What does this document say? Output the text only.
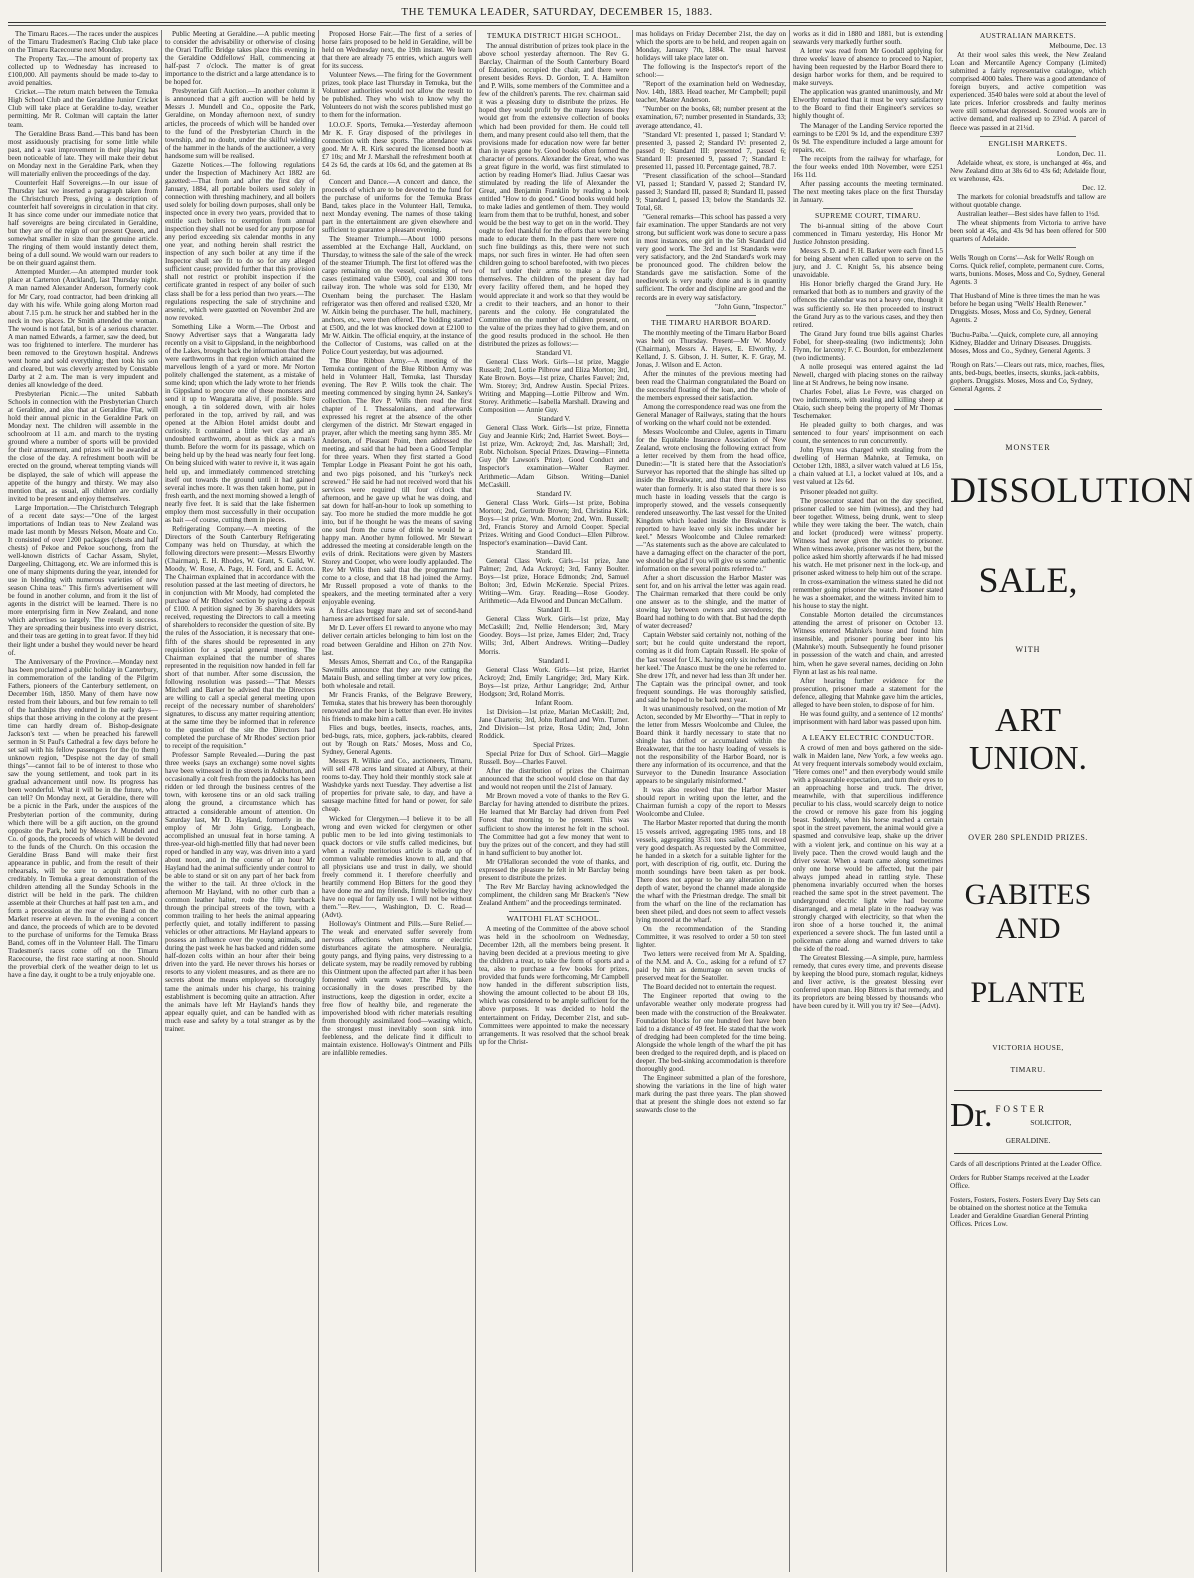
THE TEMUKA LEADER, SATURDAY, DECEMBER 15, 1883.

The Timaru Races.—The races under the auspices of the Timaru Tradesmen's Racing Club take place on the Timaru Racecourse next Monday.

The Property Tax.—The amount of property tax collected up to Wednesday has increased to £100,000. All payments should be made to-day to avoid penalties.

Cricket.—The return match between the Temuka High School Club and the Geraldine Junior Cricket Club will take place at Geraldine to-day, weather permitting. Mr R. Coltman will captain the latter team.

The Geraldine Brass Band.—This band has been most assiduously practising for some little while past, and a vast improvement in their playing has been noticeable of late. They will make their debut on Monday next in the Geraldine Park, when they will materially enliven the proceedings of the day.

Counterfeit Half Sovereigns.—In our issue of Thursday last we inserted a paragraph taken from the Christchurch Press, giving a description of counterfeit half sovereigns in circulation in that city. It has since come under our immediate notice that half sovereigns are being circulated in Geraldine, but they are of the reign of our present Queen, and somewhat smaller in size than the genuine article. The ringing of them would instantly detect them, being of a dull sound. We would warn our readers to be on their guard against them.

Attempted Murder.—An attempted murder took place at Carterton (Auckland), last Thursday night. A man named Alexander Anderson, formerly cook for Mr Cary, road contractor, had been drinking all day with his wife. While going along Morton road about 7.15 p.m. he struck her and stabbed her in the neck in two places. Dr Smith attended the woman. The wound is not fatal, but is of a serious character. A man named Edwards, a farmer, saw the deed, but was too frightened to interfere. The murderer has been removed to the Greytown hospital. Andrews went home and sold everything; then took his son and cleared, but was cleverly arrested by Constable Darby at 2 a.m. The man is very impudent and denies all knowledge of the deed.

Presbyterian Picnic.—The united Sabbath Schools in connection with the Presbyterian Church at Geraldine, and also that at Geraldine Flat, will hold their annual picnic in the Geraldine Park on Monday next. The children will assemble in the schoolroom at 11 a.m. and march to the trysting ground where a number of sports will be provided for their amusement, and prizes will be awarded at the close of the day. A refreshment booth will be erected on the ground, whereat tempting viands will be displayed, the sale of which will appease the appetite of the hungry and thirsty. We may also mention that, as usual, all children are cordially invited to be present and enjoy themselves.

Large Importation.—The Christchurch Telegraph of a recent date says:—"One of the largest importations of Indian teas to New Zealand was made last month by Messrs Nelson, Moate and Co. It consisted of over 1200 packages (chests and half chests) of Pekoe and Pekoe souchong, from the well-known districts of Cachar Assam, Shylet, Dargeeling, Chittagong, etc. We are informed this is one of many shipments during the year, intended for use in blending with numerous varieties of new season China teas." This firm's advertisement will be found in another column, and from it the list of agents in the district will be learned. There is no more enterprising firm in New Zealand, and none which advertises so largely. The result is success. They are spreading their business into every district, and their teas are getting in to great favor. If they hid their light under a bushel they would never be heard of.

The Anniversary of the Province.—Monday next has been proclaimed a public holiday in Canterbury, in commemoration of the landing of the Pilgrim Fathers, pioneers of the Canterbury settlement, on December 16th, 1850. Many of them have now rested from their labours, and but few remain to tell of the hardships they endured in the early days—ships that those arriving in the colony at the present time can hardly dream of. Bishop-designate Jackson's text — when he preached his farewell sermon in St Paul's Cathedral a few days before he set sail with his fellow passengers for the (to them) unknown region, "Despise not the day of small things"—cannot fail to be of interest to those who saw the young settlement, and took part in its gradual advancement until now. Its progress has been wonderful. What it will be in the future, who can tell? On Monday next, at Geraldine, there will be a picnic in the Park, under the auspices of the Presbyterian portion of the community, during which there will be a gift auction, on the ground opposite the Park, held by Messrs J. Mundell and Co. of goods, the proceeds of which will be devoted to the funds of the Church. On this occasion the Geraldine Brass Band will make their first appearance in public, and from the result of their rehearsals, will be sure to acquit themselves creditably. In Temuka a great demonstration of the children attending all the Sunday Schools in the district will be held in the park. The children assemble at their Churches at half past ten a.m., and form a procession at the rear of the Band on the Market reserve at eleven. In the evening a concert and dance, the proceeds of which are to be devoted to the purchase of uniforms for the Temuka Brass Band, comes off in the Volunteer Hall. The Timaru Tradesmen's races come off on the Timaru Racecourse, the first race starting at noon. Should the proverbial clerk of the weather deign to let us have a fine day, it ought to be a truly enjoyable one.

Public Meeting at Geraldine.—A public meeting to consider the advisability or otherwise of closing the Orari Traffic Bridge takes place this evening in the Geraldine Oddfellows' Hall, commencing at half-past 7 o'clock. The matter is of great importance to the district and a large attendance is to be hoped for.

Presbyterian Gift Auction.—In another column it is announced that a gift auction will be held by Messrs J. Mundell and Co., opposite the Park, Geraldine, on Monday afternoon next, of sundry articles, the proceeds of which will be handed over to the fund of the Presbyterian Church in the township, and no doubt, under the skilful wielding of the hammer in the hands of the auctioneer, a very handsome sum will be realised.

Gazette Notices.—The following regulations under the Inspection of Machinery Act 1882 are gazetted:—That from and after the first day of January, 1884, all portable boilers used solely in connection with threshing machinery, and all boilers used solely for boiling down purposes, shall only be inspected once in every two years, provided that to entitle such boilers to exemption from annual inspection they shall not be used for any purpose for any period exceeding six calendar months in any one year, and nothing herein shall restrict the inspection of any such boiler at any time if the Inspector shall see fit to do so for any alleged sufficient cause; provided further that this provision shall not restrict or prohibit inspection if the certificate granted in respect of any boiler of such class shall be for a less period than two years.—The regulations respecting the sale of strychnine and arsenic, which were gazetted on November 2nd are now revoked.

Something Like a Worm.—The Orbost and Snowy Advertiser says that a Wangaratta lady recently on a visit to Gippsland, in the neighborhood of the Lakes, brought back the information that there were earthworms in that region which attained the marvellous length of a yard or more. Mr Norton politely challenged the statement, as a mistake of some kind; upon which the lady wrote to her friends in Gippsland to procure one of these monsters and send it up to Wangaratta alive, if possible. Sure enough, a tin soldered down, with air holes perforated in the top, arrived by rail, and was opened at the Albion Hotel amidst doubt and curiosity. It contained a little wet clay and an undoubted earthworm, about as thick as a man's thumb. Before the worm for its passage, which on being held up by the head was nearly four feet long. On being sluiced with water to revive it, it was again held up, and immediately commenced stretching itself out towards the ground until it had gained several inches more. It was then taken home, put in fresh earth, and the next morning showed a length of nearly five feet. It is said that the lake fishermen employ them most successfully in their occupation as bait —of course, cutting them in pieces.

Refrigerating Company.—A meeting of the Directors of the South Canterbury Refrigerating Company was held on Thursday, at which the following directors were present:—Messrs Elworthy (Chairman), E. H. Rhodes, W. Grant, S. Gaild, W. Moody, W. Rose, A. Page, H. Ford, and E. Acton. The Chairman explained that in accordance with the resolution passed at the last meeting of directors, he in conjunction with Mr Moody, had completed the purchase of Mr Rhodes' section by paying a deposit of £100. A petition signed by 36 shareholders was received, requesting the Directors to call a meeting of shareholders to reconsider the question of site. By the rules of the Association, it is necessary that one-fifth of the shares should be represented in any requisition for a special general meeting. The Chairman explained that the number of shares represented in the requisition now handed in fell far short of that number. After some discussion, the following resolution was passed:—"That Messrs Mitchell and Barker be advised that the Directors are willing to call a special general meeting upon receipt of the necessary number of shareholders' signatures, to discuss any matter requiring attention; at the same time they be informed that in reference to the question of the site the Directors had completed the purchase of Mr Rhodes' section prior to receipt of the requisition."

Professor Sample Revealed.—During the past three weeks (says an exchange) some novel sights have been witnessed in the streets in Ashburton, and occasionally a colt fresh from the paddocks has been ridden or led through the business centres of the town, with kerosene tins or an old sack trailing along the ground, a circumstance which has attracted a considerable amount of attention. On Saturday last, Mr D. Hayland, formerly in the employ of Mr John Grigg, Longbeach, accomplished an unusual feat in horse taming. A three-year-old high-mettled filly that had never been roped or handled in any way, was driven into a yard about noon, and in the course of an hour Mr Hayland had the animal sufficiently under control to be able to stand or sit on any part of her back from the wither to the tail. At three o'clock in the afternoon Mr Hayland, with no other curb than a common leather halter, rode the filly bareback through the principal streets of the town, with a common trailing to her heels the animal appearing perfectly quiet, and totally indifferent to passing vehicles or other attractions. Mr Hayland appears to possess an influence over the young animals, and during the past week he has backed and ridden some half-dozen colts within an hour after their being driven into the yard. He never throws his horses or resorts to any violent measures, and as there are no secrets about the means employed so thoroughly tame the animals under his charge, his training establishment is becoming quite an attraction. After the animals have left Mr Hayland's hands they appear equally quiet, and can be handled with as much ease and safety by a total stranger as by the trainer.

Proposed Horse Fair.—The first of a series of horse fairs proposed to be held in Geraldine, will be held on Wednesday next, the 19th instant. We learn that there are already 75 entries, which augurs well for its success.

Volunteer News.—The firing for the Government prizes, took place last Thursday in Temuka, but the Volunteer authorities would not allow the result to be published. They who wish to know why the Volunteers do not wish the scores published must go to them for the information.

I.O.O.F. Sports, Temuka.—Yesterday afternoon Mr K. F. Gray disposed of the privileges in connection with these sports. The attendance was good. Mr A. R. Kirk secured the licensed booth at £7 10s; and Mr J. Marshall the refreshment booth at £4 2s 6d, the cards at 10s 6d, and the gatemen at 8s 6d.

Concert and Dance.—A concert and dance, the proceeds of which are to be devoted to the fund for the purchase of uniforms for the Temuka Brass Band, takes place in the Volunteer Hall, Temuka, next Monday evening. The names of those taking part in the entertainment are given elsewhere and sufficient to guarantee a pleasant evening.

The Steamer Triumph.—About 1000 persons assembled at the Exchange Hall, Auckland, on Thursday, to witness the sale of the sale of the wreck of the steamer Triumph. The first lot offered was the cargo remaining on the vessel, consisting of two cases (estimated value £500), coal and 300 tons railway iron. The whole was sold for £130, Mr Oxenham being the purchaser. The Haslam refrigerator was then offered and realised £320, Mr W. Aitkin being the purchaser. The hull, machinery, anchors, etc., were then offered. The bidding started at £500, and the lot was knocked down at £2100 to Mr W. Aitkin. The official enquiry, at the instance of the Collector of Customs, was called on at the Police Court yesterday, but was adjourned.

The Blue Ribbon Army.—A meeting of the Temuka contingent of the Blue Ribbon Army was held in Volunteer Hall, Temuka, last Thursday evening. The Rev P. Wills took the chair. The meeting commenced by singing hymn 24, Sankey's collection. The Rev P. Wills then read the first chapter of I. Thessalonians, and afterwards expressed his regret at the absence of the other clergymen of the district. Mr Stewart engaged in prayer, after which the meeting sang hymn 385. Mr Anderson, of Pleasant Point, then addressed the meeting, and said that he had been a Good Templar for three years. When they first started a Good Templar Lodge in Pleasant Point he got his oath, and two pigs poisoned, and his "turkey's neck screwed." He said he had not received word that his services were required till four o'clock that afternoon, and he gave up what he was doing, and sat down for half-an-hour to look up something to say. Too more he studied the more muddle he got into, but if he thought he was the means of saving one soul from the curse of drink he would be a happy man. Another hymn followed. Mr Stewart addressed the meeting at considerable length on the evils of drink. Recitations were given by Masters Storey and Cooper, who were loudly applauded. The Rev Mr Wills then said that the programme had come to a close, and that 18 had joined the Army. Mr Russell proposed a vote of thanks to the speakers, and the meeting terminated after a very enjoyable evening.

A first-class buggy mare and set of second-hand harness are advertised for sale.

Mr D. Lever offers £1 reward to anyone who may deliver certain articles belonging to him lost on the road between Geraldine and Hilton on 27th Nov. last.

Messrs Amos, Sherratt and Co., of the Rangapika Sawmills announce that they are now cutting the Mataiu Bush, and selling timber at very low prices, both wholesale and retail.

Mr Francis Franks, of the Belgrave Brewery, Temuka, states that his brewery has been thoroughly renovated and the beer is better than ever. He invites his friends to make him a call.

Flies and bugs, beetles, insects, roaches, ants, bed-bugs, rats, mice, gophers, jack-rabbits, cleared out by 'Rough on Rats.' Moses, Moss and Co, Sydney, General Agents.

Messrs R. Wilkie and Co., auctioneers, Timaru, will sell 478 acres land situated at Albury, at their rooms to-day. They hold their monthly stock sale at Washdyke yards next Tuesday. They advertise a list of properties for private sale, to day, and have a sausage machine fitted for hand or power, for sale cheap.

Wicked for Clergymen.—I believe it to be all wrong and even wicked for clergymen or other public men to be led into giving testimonials to quack doctors or vile stuffs called medicines, but when a really meritorious article is made up of common valuable remedies known to all, and that all physicians use and trust in daily, we should freely commend it. I therefore cheerfully and heartily commend Hop Bitters for the good they have done me and my friends, firmly believing they have no equal for family use. I will not be without them."—Rev.——, Washington, D. C. Read—(Advt).

Holloway's Ointment and Pills.—Sure Relief.—The weak and enervated suffer severely from nervous affections when storms or electric disturbances agitate the atmosphere. Neuralgia, gouty pangs, and flying pains, very distressing to a delicate system, may be readily removed by rubbing this Ointment upon the affected part after it has been fomented with warm water. The Pills, taken occasionally in the doses prescribed by the instructions, keep the digestion in order, excite a free flow of healthy bile, and regenerate the impoverished blood with richer materials resulting from thoroughly assimilated food—wasting which, the strongest must inevitably soon sink into feebleness, and the delicate find it difficult to maintain existence. Holloway's Ointment and Pills are infallible remedies.

TEMUKA DISTRICT HIGH SCHOOL.

The annual distribution of prizes took place in the above school yesterday afternoon. The Rev G. Barclay, Chairman of the South Canterbury Board of Education, occupied the chair, and there were present besides Revs. D. Gordon, T. A. Hamilton and P. Wills, some members of the Committee and a few of the children's parents. The rev. chairman said it was a pleasing duty to distribute the prizes. He hoped they would profit by the many lessons they would get from the extensive collection of books which had been provided for them. He could tell them, and many present could also tell them, that the provisions made for education now were far better than in years gone by. Good books often formed the character of persons. Alexander the Great, who was a great figure in the world, was first stimulated to action by reading Homer's Iliad. Julius Caesar was stimulated by reading the life of Alexander the Great, and Benjamin Franklin by reading a book entitled "How to do good." Good books would help to make ladies and gentlemen of them. They would learn from them that to be truthful, honest, and sober would be the best way to get on in the world. They ought to feel thankful for the efforts that were being made to educate them. In the past there were not such fine buildings as this, there were not such maps, nor such fires in winter. He had often seen children going to school barefooted, with two pieces of turf under their arms to make a fire for themselves. The children of the present day had every facility offered them, and he hoped they would appreciate it and work so that they would be a credit to their teachers, and an honor to their parents and the colony. He congratulated the Committee on the number of children present, on the value of the prizes they had to give them, and on the good results produced in the school. He then distributed the prizes as follows:—

Standard VI.

General Class Work. Girls—1st prize, Maggie Russell; 2nd, Lottie Pilbrow and Eliza Morton; 3rd, Kate Brown. Boys—1st prize, Charles Fauvel; 2nd, Wm. Storey; 3rd, Andrew Austin. Special Prizes. Writing and Mapping—Lottie Pilbrow and Wm. Storey. Arithmetic—Isabella Marshall. Drawing and Composition — Annie Guy.

Standard V.

General Class Work. Girls—1st prize, Finnetta Guy and Jeannie Kirk; 2nd, Harriet Sweet. Boys—1st prize, Wm. Ackroyd; 2nd, Jas. Marshall; 3rd, Robt. Nicholson. Special Prizes. Drawing—Finnetta Guy (Mr Lawson's Prize). Good Conduct and Inspector's examination—Walter Raymer. Arithmetic—Adam Gibson. Writing—Daniel McCaskill.

Standard IV.

General Class Work. Girls—1st prize, Bobina Morton; 2nd, Gertrude Brown; 3rd, Christina Kirk. Boys—1st prize, Wm. Morton; 2nd, Wm. Russell; 3rd, Francis Storey and Arnold Cooper. Special Prizes. Writing and Good Conduct—Ellen Pilbrow. Inspector's examination—David Cant.

Standard III.

General Class Work. Girls—1st prize, Jane Palmer; 2nd, Ada Ackroyd; 3rd, Fanny Boulter. Boys—1st prize, Horace Edmonds; 2nd, Samuel Bolton; 3rd, Edwin McKenzie. Special Prizes. Writing—Wm. Gray. Reading—Rose Goodey. Arithmetic—Ada Elwood and Duncan McCallum.

Standard II.

General Class Work. Girls—1st prize, May McCaskill; 2nd, Nellie Henderson; 3rd, Mary Goodey. Boys—1st prize, James Elder; 2nd, Tracy Wills; 3rd, Albert Andrews. Writing—Dudley Morris.

Standard I.

General Class Work. Girls—1st prize, Harriet Ackroyd; 2nd, Emily Langridge; 3rd, Mary Kirk. Boys—1st prize, Arthur Langridge; 2nd, Arthur Hodgson; 3rd, Roland Morris.

Infant Room.

1st Division—1st prize, Marian McCaskill; 2nd, Jane Charteris; 3rd, John Rutland and Wm. Turner. 2nd Division—1st prize, Rosa Udin; 2nd, John Roddick.

Special Prizes.

Special Prize for Dux of School. Girl—Maggie Russell. Boy—Charles Fauvel.

After the distribution of prizes the Chairman announced that the school would close on that day and would not reopen until the 21st of January.

Mr Brown moved a vote of thanks to the Rev G. Barclay for having attended to distribute the prizes. He learned that Mr Barclay had driven from Peel Forest that morning to be present. This was sufficient to show the interest he felt in the school. The Committee had got a few money that went to buy the prizes out of the concert, and they had still in hand sufficient to buy another lot.

Mr O'Halloran seconded the vote of thanks, and expressed the pleasure he felt in Mr Barclay being present to distribute the prizes.

The Rev Mr Barclay having acknowledged the compliment, the children sang Mr Bracken's "New Zealand Anthem" and the proceedings terminated.

WAITOHI FLAT SCHOOL.

A meeting of the Committee of the above school was held in the schoolroom on Wednesday, December 12th, all the members being present. It having been decided at a previous meeting to give the children a treat, to take the form of sports and a tea, also to purchase a few books for prizes, provided that funds were forthcoming, Mr Campbell now handed in the different subscription lists, showing the amount collected to be about £8 10s, which was considered to be ample sufficient for the above purposes. It was decided to hold the entertainment on Friday, December 21st, and sub-Committees were appointed to make the necessary arrangements. It was resolved that the school break up for the Christ-

mas holidays on Friday December 21st, the day on which the sports are to be held, and reopen again on Monday, January 7th, 1884. The usual harvest holidays will take place later on.

The following is the Inspector's report of the school:—

"Report of the examination held on Wednesday, Nov. 14th, 1883. Head teacher, Mr Campbell; pupil teacher, Master Anderson.

"Number on the books, 68; number present at the examination, 67; number presented in Standards, 33; average attendance, 41.

"Standard VI: presented 1, passed 1; Standard V: presented 3, passed 2; Standard IV: presented 2, passed 0; Standard III: presented 7, passed 6; Standard II: presented 9, passed 7; Standard I: presented 11, passed 10. Percentage gained, 78.7.

"Present classification of the school—Standard VI, passed 1; Standard V, passed 2; Standard IV, passed 3; Standard III, passed 8; Standard II, passed 9; Standard I, passed 13; below the Standards 32. Total, 68.

"General remarks—This school has passed a very fair examination. The upper Standards are not very strong, but sufficient work was done to secure a pass in most instances, one girl in the 5th Standard did very good work. The 3rd and 1st Standards were very satisfactory, and the 2nd Standard's work may be pronounced good. The children below the Standards gave me satisfaction. Some of the needlework is very neatly done and is in quantity sufficient. The order and discipline are good and the records are in every way satisfactory.

"John Gunn, "Inspector."

THE TIMARU HARBOR BOARD.

The monthly meeting of the Timaru Harbor Board was held on Thursday. Present—Mr W. Moody (Chairman), Messrs A. Hayes, E. Elworthy, J. Kelland, J. S. Gibson, J. H. Sutter, K. F. Gray, M. Jonas, J. Wilson and E. Acton.

After the minutes of the previous meeting had been read the Chairman congratulated the Board on the successful floating of the loan, and the whole of the members expressed their satisfaction.

Among the correspondence read was one from the General Manager of Railways, stating that the hours of working on the wharf could not be extended.

Messrs Woolcombe and Clulee, agents in Timaru for the Equitable Insurance Association of New Zealand, wrote enclosing the following extract from a letter received by them from the head office, Dunedin:—"It is stated here that the Association's Surveyor has reported that the shingle has silted up inside the Breakwater, and that there is now less water than formerly. It is also stated that there is so much haste in loading vessels that the cargo is improperly stowed, and the vessels consequently rendered unseaworthy. The last vessel for the United Kingdom which loaded inside the Breakwater is reported to have leave only six inches under her keel." Messrs Woolcombe and Clulee remarked:—"As statements such as the above are calculated to have a damaging effect on the character of the port, we should be glad if you will give us some authentic information on the several points referred to."

After a short discussion the Harbor Master was sent for, and on his arrival the letter was again read. The Chairman remarked that there could be only one answer as to the shingle, and the matter of stowing lay between owners and stevedores; the Board had nothing to do with that. But had the depth of water decreased?

Captain Webster said certainly not, nothing of the sort; but he could quite understand the report, coming as it did from Captain Russell. He spoke of the 'last vessel for U.K. having only six inches under her keel.' The Anasco must be the one he referred to. She drew 17ft, and never had less than 3ft under her. The Captain was the principal owner, and took frequent soundings. He was thoroughly satisfied, and said he hoped to be back next year.

It was unanimously resolved, on the motion of Mr Acton, seconded by Mr Elworthy—"That in reply to the letter from Messrs Woolcombe and Clulee, the Board think it hardly necessary to state that no shingle has drifted or accumulated within the Breakwater, that the too hasty loading of vessels is not the responsibility of the Harbor Board, nor is there any information of its occurrence, and that the Surveyor to the Dunedin Insurance Association appears to be singularly misinformed."

It was also resolved that the Harbor Master should report in writing upon the letter, and the Chairman furnish a copy of the report to Messrs Woolcombe and Clulee.

The Harbor Master reported that during the month 15 vessels arrived, aggregating 1985 tons, and 18 vessels, aggregating 3531 tons sailed. All received very good despatch. As requested by the Committee, he handed in a sketch for a suitable lighter for the port, with description of rig, outfit, etc. During the month soundings have been taken as per book. There does not appear to be any alteration in the depth of water, beyond the channel made alongside the wharf with the Priestman dredge. The small bit from the wharf on the line of the reclamation has been sheet piled, and does not seem to affect vessels lying moored at the wharf.

On the recommendation of the Standing Committee, it was resolved to order a 50 ton steel lighter.

Two letters were received from Mr A. Spalding, of the N.M. and A. Co., asking for a refund of £7 paid by him as demurrage on seven trucks of preserved meat for the Seatoller.

The Board decided not to entertain the request.

The Engineer reported that owing to the unfavorable weather only moderate progress had been made with the construction of the Breakwater. Foundation blocks for one hundred feet have been laid to a distance of 49 feet. He stated that the work of dredging had been completed for the time being. Alongside the whole length of the wharf the pit has been dredged to the required depth, and is placed on deeper. The bed-sinking accommodation is therefore thoroughly good.

The Engineer submitted a plan of the foreshore, showing the variations in the line of high water mark during the past three years. The plan showed that at present the shingle does not extend so far seawards close to the

works as it did in 1880 and 1881, but is extending seawards very markedly further south.

A letter was read from Mr Goodall applying for three weeks' leave of absence to proceed to Napier, having been requested by the Harbor Board there to design harbor works for them, and be required to make surveys.

The application was granted unanimously, and Mr Elworthy remarked that it must be very satisfactory to the Board to find their Engineer's services so highly thought of.

The Manager of the Landing Service reported the earnings to be £201 9s 1d, and the expenditure £397 0s 9d. The expenditure included a large amount for repairs, etc.

The receipts from the railway for wharfage, for the four weeks ended 10th November, were £251 16s 11d.

After passing accounts the meeting terminated. The next meeting takes place on the first Thursday in January.

SUPREME COURT, TIMARU.

The bi-annual sitting of the above Court commenced in Timaru yesterday, His Honor Mr Justice Johnston presiding.

Messrs S. D. and F. H. Barker were each fined L5 for being absent when called upon to serve on the jury, and J. C. Knight 5s, his absence being unavoidable.

His Honor briefly charged the Grand Jury. He remarked that both as to numbers and gravity of the offences the calendar was not a heavy one, though it was sufficiently so. He then proceeded to instruct the Grand Jury as to the various cases, and they then retired.

The Grand Jury found true bills against Charles Fobel, for sheep-stealing (two indictments); John Flynn, for larceny; F. C. Bourdon, for embezzlement (two indictments).

A nolle prosequi was entered against the lad Newell, charged with placing stones on the railway line at St Andrews, he being now insane.

Charles Fobel, alias Le Fevre, was charged on two indictments, with stealing and killing sheep at Otaio, such sheep being the property of Mr Thomas Teschemaker.

He pleaded guilty to both charges, and was sentenced to four years' imprisonment on each count, the sentences to run concurrently.

John Flynn was charged with stealing from the dwelling of Herman Mahnke, at Temuka, on October 12th, 1883, a silver watch valued at L6 15s, a chain valued at L1, a locket valued at 10s, and a vest valued at 12s 6d.

Prisoner pleaded not guilty.

The prosecutor stated that on the day specified, prisoner called to see him (witness), and they had beer together. Witness, being drunk, went to sleep while they were taking the beer. The watch, chain and locket (produced) were witness' property. Witness had never given the articles to prisoner. When witness awoke, prisoner was not there, but the police asked him shortly afterwards if he had missed his watch. He met prisoner next in the lock-up, and prisoner asked witness to help him out of the scrape.

In cross-examination the witness stated he did not remember going prisoner the watch. Prisoner stated he was a shoemaker, and the witness invited him to his house to stay the night.

Constable Morton detailed the circumstances attending the arrest of prisoner on October 13. Witness entered Mahnke's house and found him insensible, and prisoner pouring beer into his (Mahnke's) mouth. Subsequently he found prisoner in possession of the watch and chain, and arrested him, when he gave several names, deciding on John Flynn at last as his real name.

After hearing further evidence for the prosecution, prisoner made a statement for the defence, alleging that Mahnke gave him the articles, alleged to have been stolen, to dispose of for him.

He was found guilty, and a sentence of 12 months' imprisonment with hard labor was passed upon him.

A LEAKY ELECTRIC CONDUCTOR.

A crowd of men and boys gathered on the side-walk in Maiden lane, New York, a few weeks ago. At very frequent intervals somebody would exclaim, "Here comes one!" and then everybody would smile with a pleasurable expectation, and turn their eyes to an approaching horse and truck. The driver, meanwhile, with that supercilious indifference peculiar to his class, would scarcely deign to notice the crowd or remove his gaze from his jogging beast. Suddenly, when his horse reached a certain spot in the street pavement, the animal would give a spasmed and convulsive leap, shake up the driver with a violent jerk, and continue on his way at a lively pace. Then the crowd would laugh and the driver swear. When a team came along sometimes only one horse would be affected, but the pair always jumped ahead in rattling style. These phenomena invariably occurred when the horses reached the same spot in the street pavement. The underground electric light wire had become disarranged, and a metal plate in the roadway was strongly charged with electricity, so that when the iron shoe of a horse touched it, the animal experienced a severe shock. The fun lasted until a policeman came along and warned drivers to take the side of the road.

The Greatest Blessing.—A simple, pure, harmless remedy, that cures every time, and prevents disease by keeping the blood pure, stomach regular, kidneys and liver active, is the greatest blessing ever conferred upon man. Hop Bitters is that remedy, and its proprietors are being blessed by thousands who have been cured by it. Will you try it? See—(Advt).

AUSTRALIAN MARKETS.

Melbourne, Dec. 13

At their wool sales this week, the New Zealand Loan and Mercantile Agency Company (Limited) submitted a fairly representative catalogue, which comprised 4000 bales. There was a good attendance of foreign buyers, and active competition was experienced. 3540 bales were sold at about the level of late prices. Inferior crossbreds and faulty merinos were still somewhat depressed. Scoured wools are in active demand, and realised up to 23¼d. A parcel of fleece was passed in at 21¼d.

ENGLISH MARKETS.

London, Dec. 11.

Adelaide wheat, ex store, is unchanged at 46s, and New Zealand ditto at 38s 6d to 43s 6d; Adelaide flour, ex warehouse, 42s.

Dec. 12.

The markets for colonial breadstuffs and tallow are without quotable change.

Australian leather—Best sides have fallen to 1½d.

The wheat shipments from Victoria to arrive have been sold at 45s, and 43s 9d has been offered for 500 quarters of Adelaide.

Wells 'Rough on Corns'—Ask for Wells' Rough on Corns. Quick relief, complete, permanent cure. Corns, warts, bunions. Moses, Moss and Co, Sydney, General Agents. 3
That Husband of Mine is three times the man he was before he began using "Wells' Health Renewer." Druggists. Moses, Moss and Co, Sydney, General Agents. 2
'Buchu-Paiba.'—Quick, complete cure, all annoying Kidney, Bladder and Urinary Diseases. Druggists. Moses, Moss and Co., Sydney, General Agents. 3
'Rough on Rats.'—Clears out rats, mice, roaches, flies, ants, bed-bugs, beetles, insects, skunks, jack-rabbits, gophers. Druggists. Moses, Moss and Co, Sydney, General Agents. 2
MONSTER
DISSOLUTION
SALE,
WITH
ART UNION.
OVER 280 SPLENDID PRIZES.
GABITES AND
PLANTE
VICTORIA HOUSE,
TIMARU.
Dr. FOSTER
SOLICITOR,
GERALDINE.
Cards of all descriptions Printed at the Leader Office.
Orders for Rubber Stamps received at the Leader Office.
Fosters, Fosters, Fosters. Fosters Every Day Sets can be obtained on the shortest notice at the Temuka Leader and Geraldine Guardian General Printing Offices. Prices Low.
